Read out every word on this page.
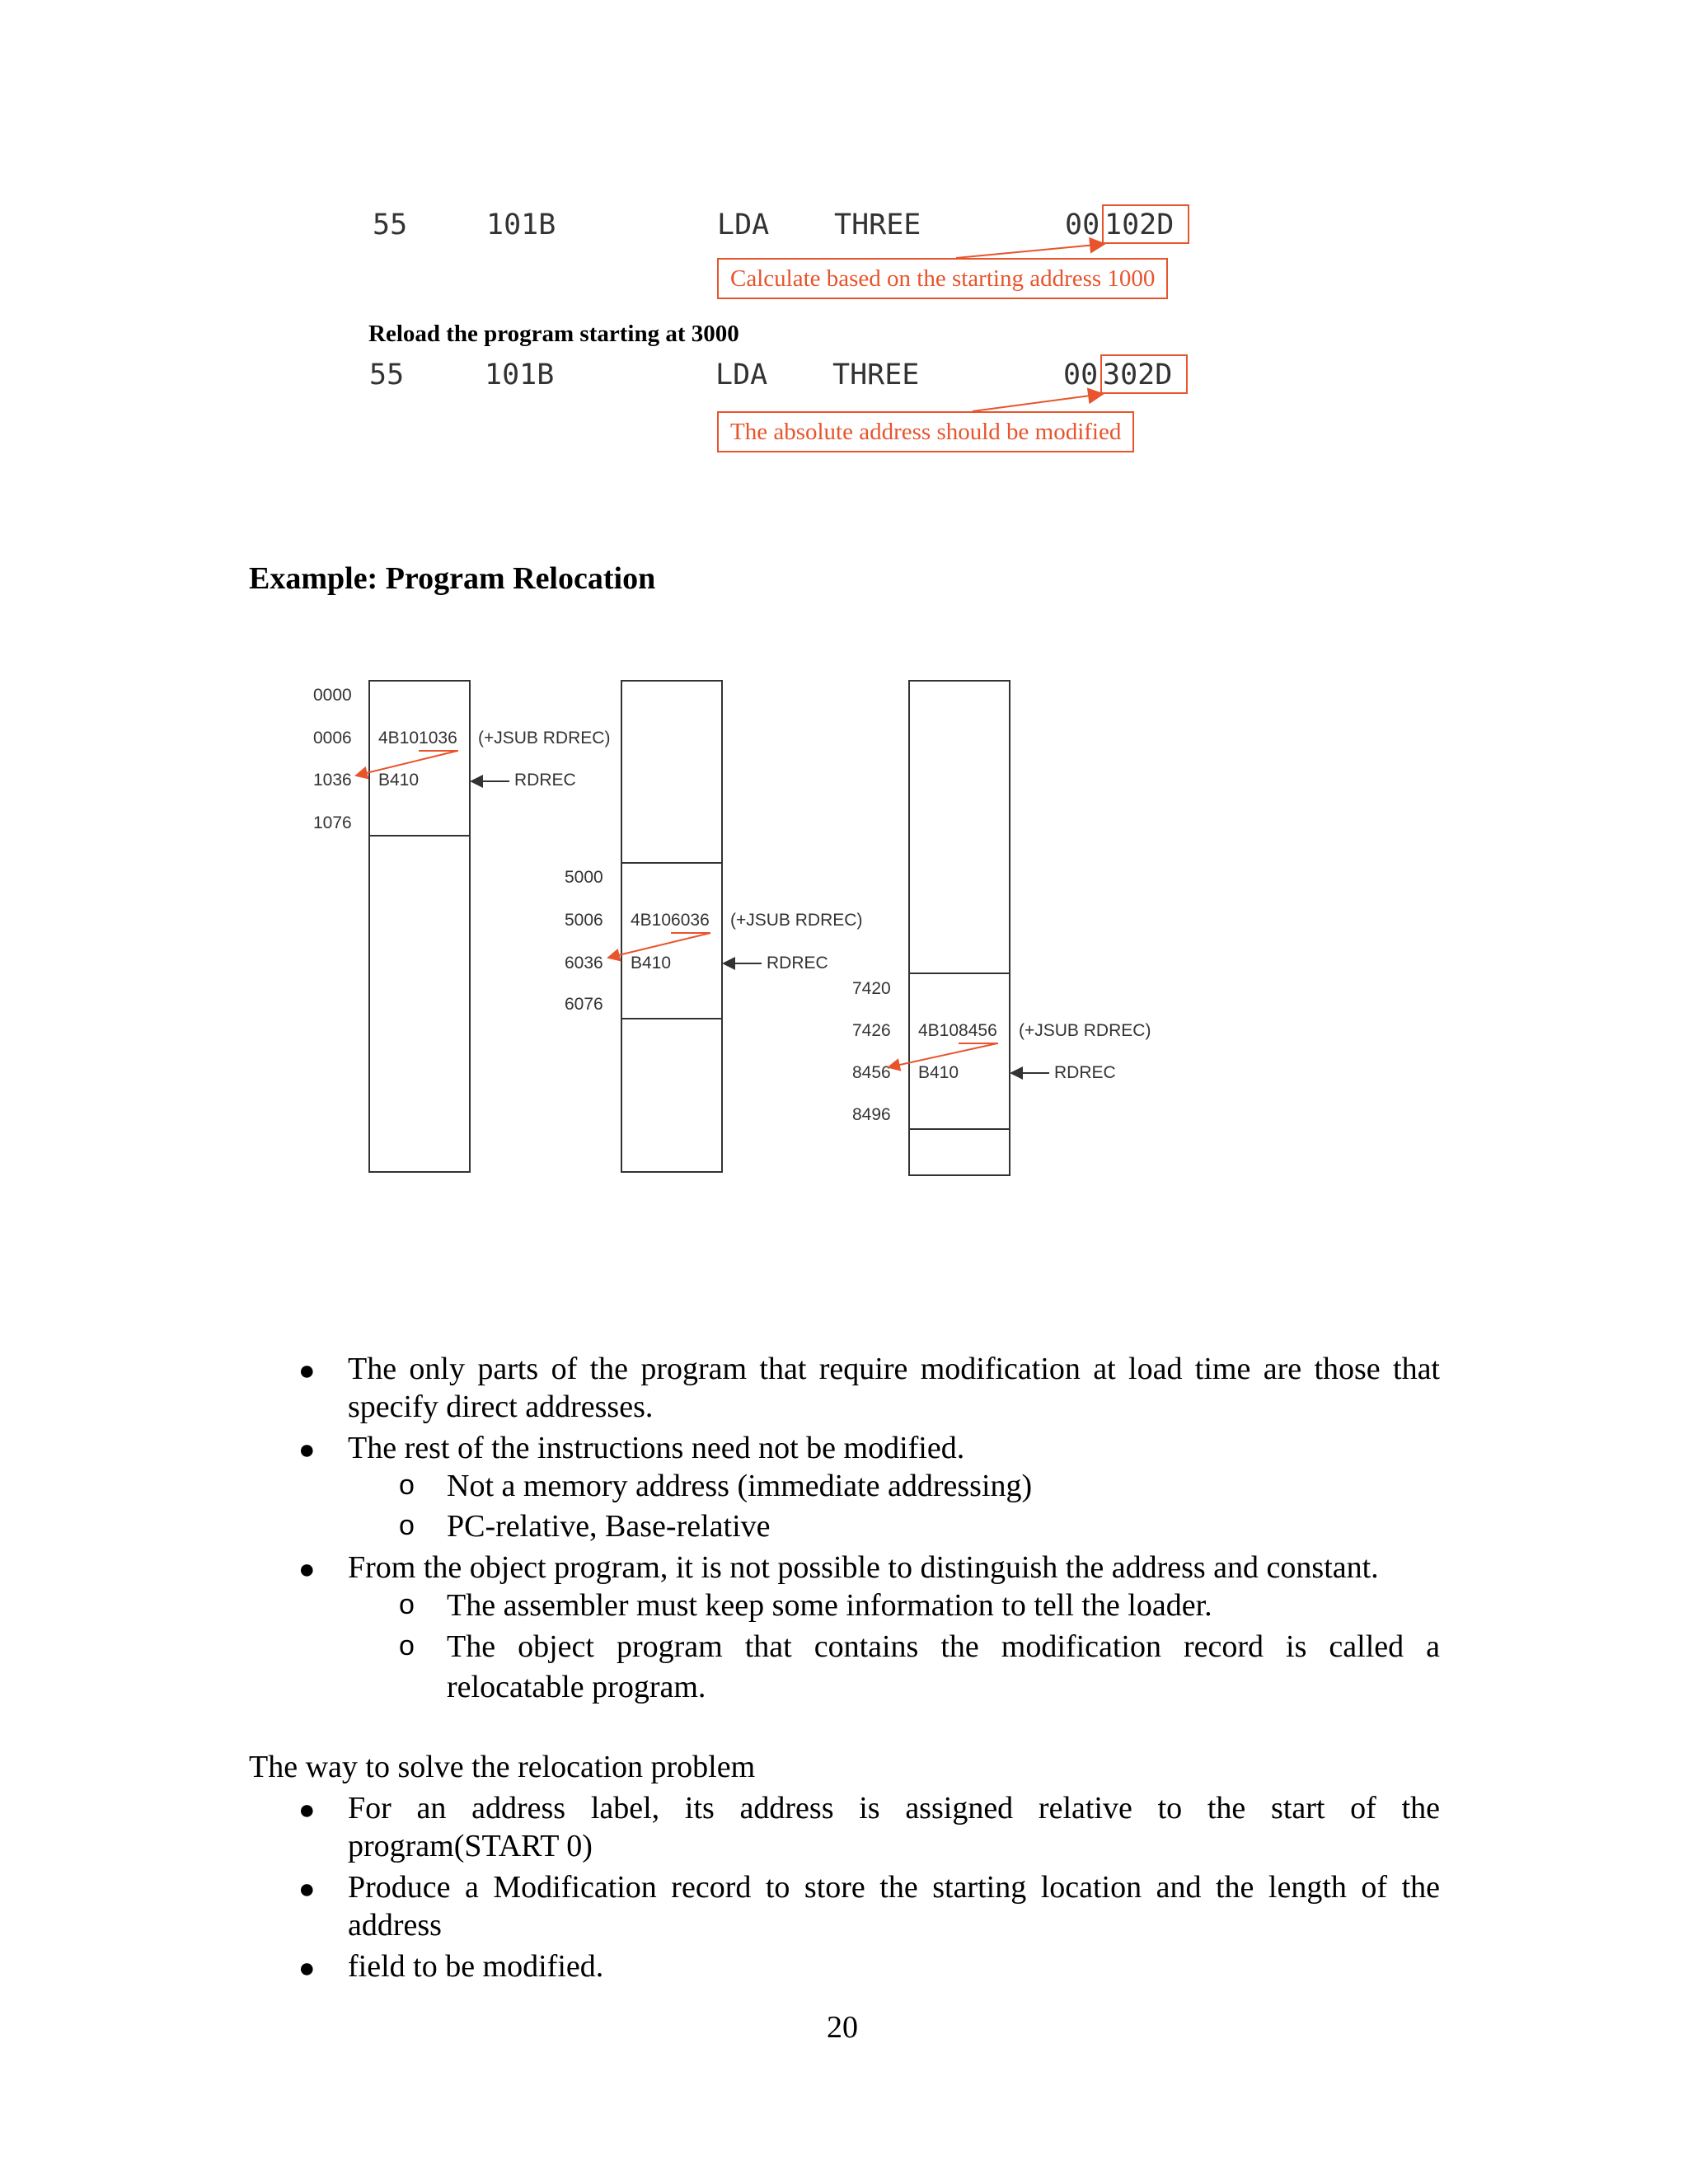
55	101B	LDA THREE	00 102D
Calculate based on the starting address 1000
Reload the program starting at 3000
55	101B	LDA THREE	00 302D
The absolute address should be modified
Example: Program Relocation
0000
0006
1036
1076
4B101036
B410
(+JSUB RDREC)
RDREC
5000
5006
6036
6076
4B106036
B410
(+JSUB RDREC)
RDREC
7420
7426
8456
8496
4B108456
B410
(+JSUB RDREC)
RDREC
● The only parts of the program that require modification at load time are those that
specify direct addresses.
● The rest of the instructions need not be modified.
o Not a memory address (immediate addressing)
o PC-relative, Base-relative
● From the object program, it is not possible to distinguish the address and constant.
o The assembler must keep some information to tell the loader.
o The object program that contains the modification record is called a
relocatable program.
The way to solve the relocation problem
● For an address label, its address is assigned relative to the start of the
program(START 0)
● Produce a Modification record to store the starting location and the length of the
address
● field to be modified.
20
